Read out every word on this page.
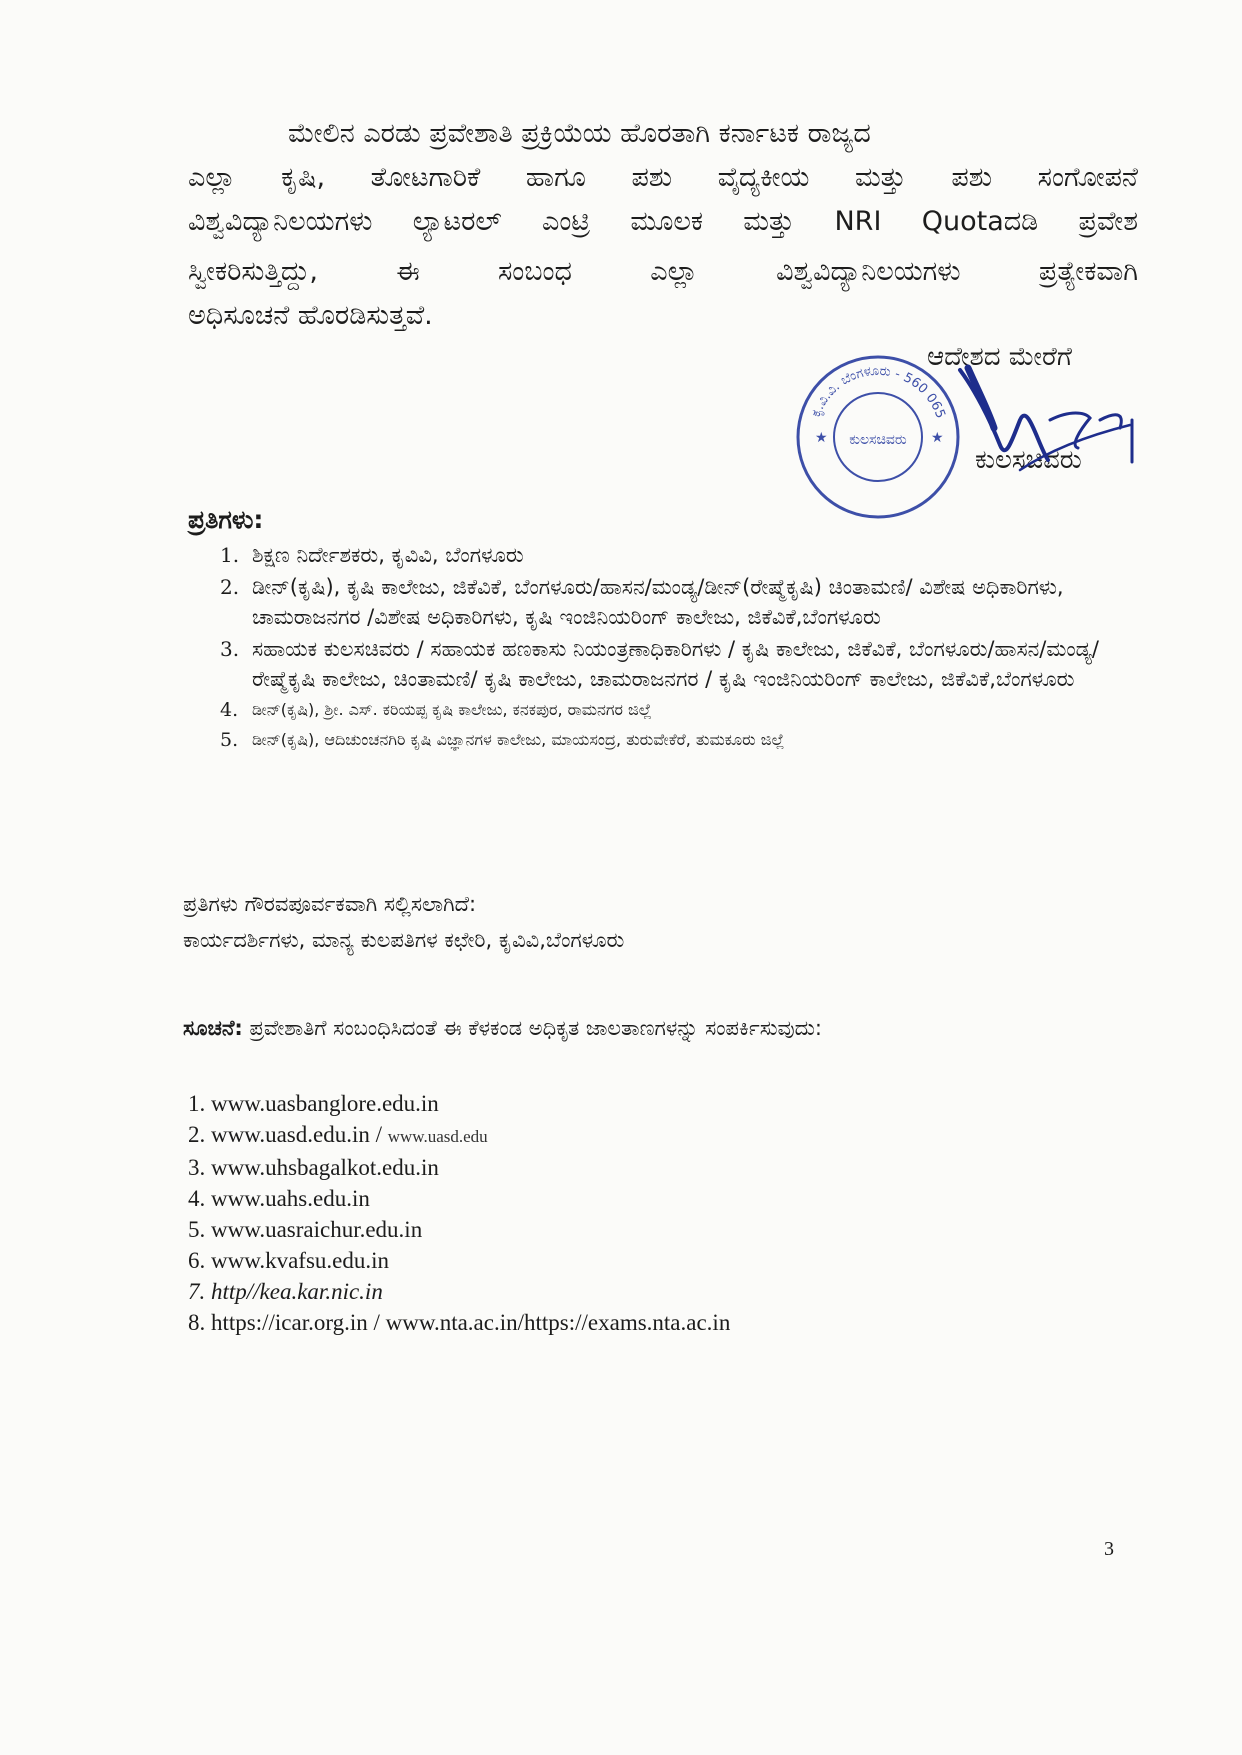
ಮೇಲಿನ ಎರಡು ಪ್ರವೇಶಾತಿ ಪ್ರಕ್ರಿಯೆಯ ಹೊರತಾಗಿ ಕರ್ನಾಟಕ ರಾಜ್ಯದ
ಎಲ್ಲಾ ಕೃಷಿ, ತೋಟಗಾರಿಕೆ ಹಾಗೂ ಪಶು ವೈದ್ಯಕೀಯ ಮತ್ತು ಪಶು ಸಂಗೋಪನೆ
ವಿಶ್ವವಿದ್ಯಾನಿಲಯಗಳು ಲ್ಯಾಟರಲ್ ಎಂಟ್ರಿ ಮೂಲಕ ಮತ್ತು NRI Quotaದಡಿ ಪ್ರವೇಶ
ಸ್ವೀಕರಿಸುತ್ತಿದ್ದು, ಈ ಸಂಬಂಧ ಎಲ್ಲಾ ವಿಶ್ವವಿದ್ಯಾನಿಲಯಗಳು ಪ್ರತ್ಯೇಕವಾಗಿ
ಅಧಿಸೂಚನೆ ಹೊರಡಿಸುತ್ತವೆ.
ಕೃ.ವಿ.ವಿ. ಬೆಂಗಳೂರು - 560 065
ಕುಲಸಚಿವರು
★	★
ಆದೇಶದ ಮೇರೆಗೆ
ಕುಲಸಚಿವರು
ಪ್ರತಿಗಳು:
1. ಶಿಕ್ಷಣ ನಿರ್ದೇಶಕರು, ಕೃವಿವಿ, ಬೆಂಗಳೂರು
2. ಡೀನ್(ಕೃಷಿ), ಕೃಷಿ ಕಾಲೇಜು, ಜಿಕೆವಿಕೆ, ಬೆಂಗಳೂರು/ಹಾಸನ/ಮಂಡ್ಯ/ಡೀನ್(ರೇಷ್ಮೆಕೃಷಿ) ಚಿಂತಾಮಣಿ/ ವಿಶೇಷ ಅಧಿಕಾರಿಗಳು, ಚಾಮರಾಜನಗರ /ವಿಶೇಷ ಅಧಿಕಾರಿಗಳು, ಕೃಷಿ ಇಂಜಿನಿಯರಿಂಗ್ ಕಾಲೇಜು, ಜಿಕೆವಿಕೆ,ಬೆಂಗಳೂರು
3. ಸಹಾಯಕ ಕುಲಸಚಿವರು / ಸಹಾಯಕ ಹಣಕಾಸು ನಿಯಂತ್ರಣಾಧಿಕಾರಿಗಳು / ಕೃಷಿ ಕಾಲೇಜು, ಜಿಕೆವಿಕೆ, ಬೆಂಗಳೂರು/ಹಾಸನ/ಮಂಡ್ಯ/ರೇಷ್ಮೆಕೃಷಿ ಕಾಲೇಜು, ಚಿಂತಾಮಣಿ/ ಕೃಷಿ ಕಾಲೇಜು, ಚಾಮರಾಜನಗರ / ಕೃಷಿ ಇಂಜಿನಿಯರಿಂಗ್ ಕಾಲೇಜು, ಜಿಕೆವಿಕೆ,ಬೆಂಗಳೂರು
4. ಡೀನ್(ಕೃಷಿ), ಶ್ರೀ. ಎಸ್. ಕರಿಯಪ್ಪ ಕೃಷಿ ಕಾಲೇಜು, ಕನಕಪುರ, ರಾಮನಗರ ಜಿಲ್ಲೆ
5. ಡೀನ್(ಕೃಷಿ), ಆದಿಚುಂಚನಗಿರಿ ಕೃಷಿ ವಿಜ್ಞಾನಗಳ ಕಾಲೇಜು, ಮಾಯಸಂದ್ರ, ತುರುವೇಕೆರೆ, ತುಮಕೂರು ಜಿಲ್ಲೆ
ಪ್ರತಿಗಳು ಗೌರವಪೂರ್ವಕವಾಗಿ ಸಲ್ಲಿಸಲಾಗಿದೆ:
ಕಾರ್ಯದರ್ಶಿಗಳು, ಮಾನ್ಯ ಕುಲಪತಿಗಳ ಕಛೇರಿ, ಕೃವಿವಿ,ಬೆಂಗಳೂರು
ಸೂಚನೆ: ಪ್ರವೇಶಾತಿಗೆ ಸಂಬಂಧಿಸಿದಂತೆ ಈ ಕೆಳಕಂಡ ಅಧಿಕೃತ ಜಾಲತಾಣಗಳನ್ನು ಸಂಪರ್ಕಿಸುವುದು:
1. www.uasbanglore.edu.in
2. www.uasd.edu.in / www.uasd.edu
3. www.uhsbagalkot.edu.in
4. www.uahs.edu.in
5. www.uasraichur.edu.in
6. www.kvafsu.edu.in
7. http//kea.kar.nic.in
8. https://icar.org.in / www.nta.ac.in/https://exams.nta.ac.in
3
